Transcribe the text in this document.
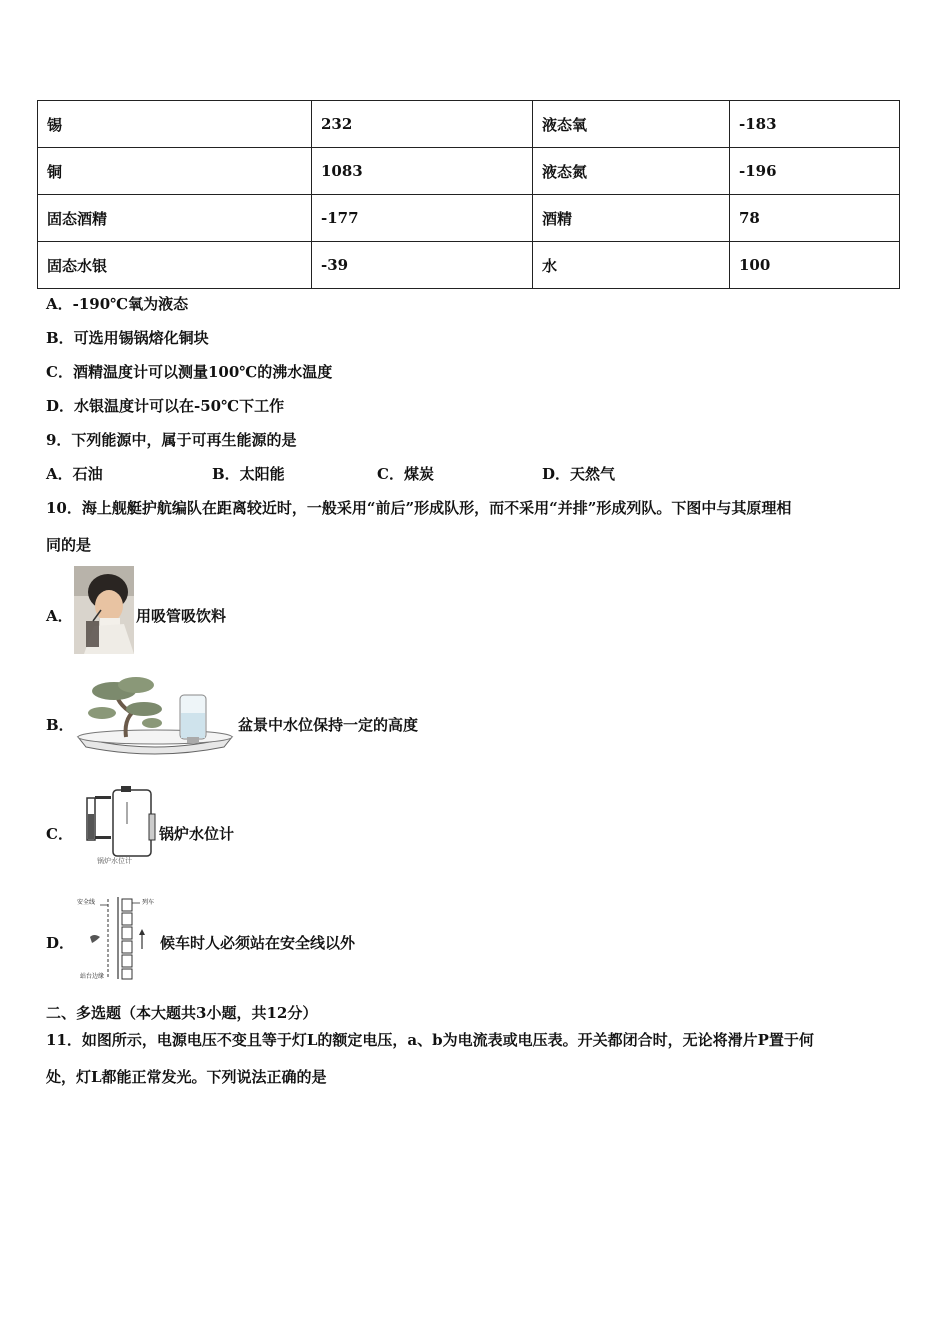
锡	232	液态氧	-183
铜	1083	液态氮	-196
固态酒精	-177	酒精	78
固态水银	-39	水	100
A．-190℃氧为液态
B．可选用锡锅熔化铜块
C．酒精温度计可以测量100℃的沸水温度
D．水银温度计可以在-50℃下工作
9．下列能源中，属于可再生能源的是
A．石油	B．太阳能	C．煤炭	D．天然气
10．海上舰艇护航编队在距离较近时，一般采用“前后”形成队形，而不采用“并排”形成列队。下图中与其原理相
同的是
A．	用吸管吸饮料
B．	盆景中水位保持一定的高度
C．
锅炉水位计
锅炉水位计
D．
安全线	列车
站台边缘
候车时人必须站在安全线以外
二、多选题（本大题共3小题，共12分）
11．如图所示，电源电压不变且等于灯L的额定电压，a、b为电流表或电压表。开关都闭合时，无论将滑片P置于何
处，灯L都能正常发光。下列说法正确的是
